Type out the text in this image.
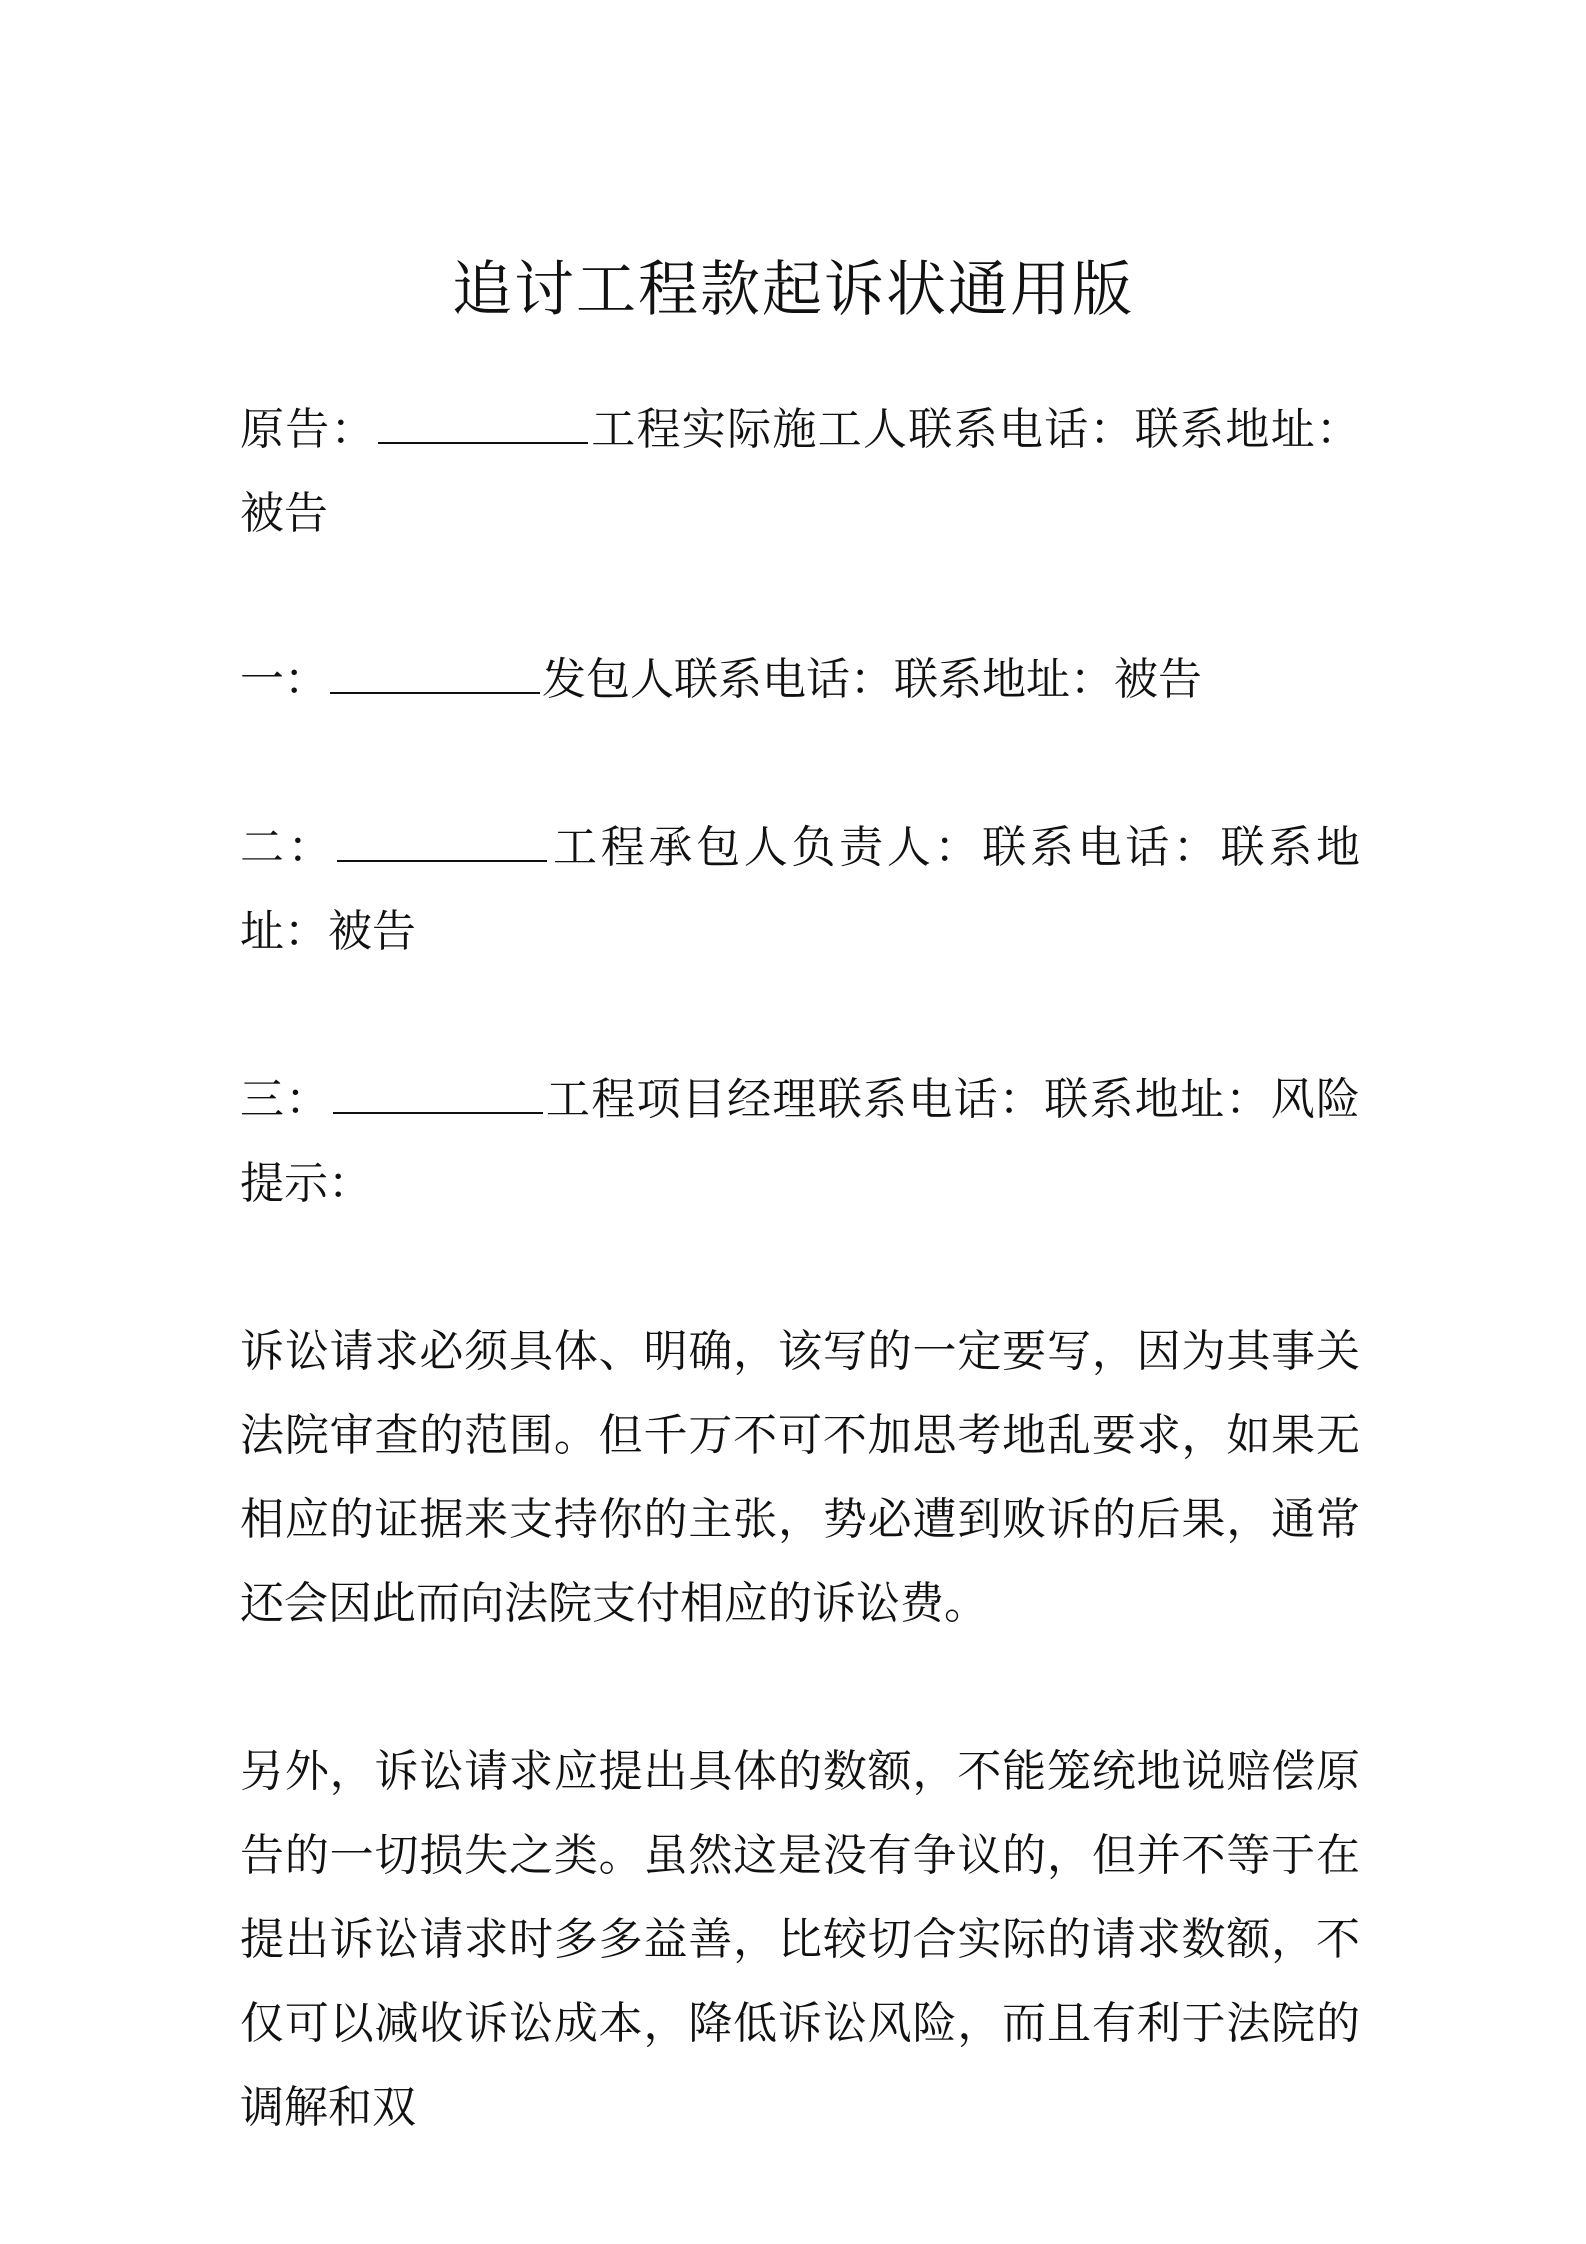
追讨工程款起诉状通用版

原告：	工程实际施工人联系电话：联系地址：被告

一：	发包人联系电话：联系地址：被告

二：	工程承包人负责人：联系电话：联系地址：被告

三：	工程项目经理联系电话：联系地址：风险提示：

诉讼请求必须具体、明确，该写的一定要写，因为其事关法院审查的范围。但千万不可不加思考地乱要求，如果无相应的证据来支持你的主张，势必遭到败诉的后果，通常还会因此而向法院支付相应的诉讼费。

另外，诉讼请求应提出具体的数额，不能笼统地说赔偿原告的一切损失之类。虽然这是没有争议的，但并不等于在提出诉讼请求时多多益善，比较切合实际的请求数额，不仅可以减收诉讼成本，降低诉讼风险，而且有利于法院的调解和双
